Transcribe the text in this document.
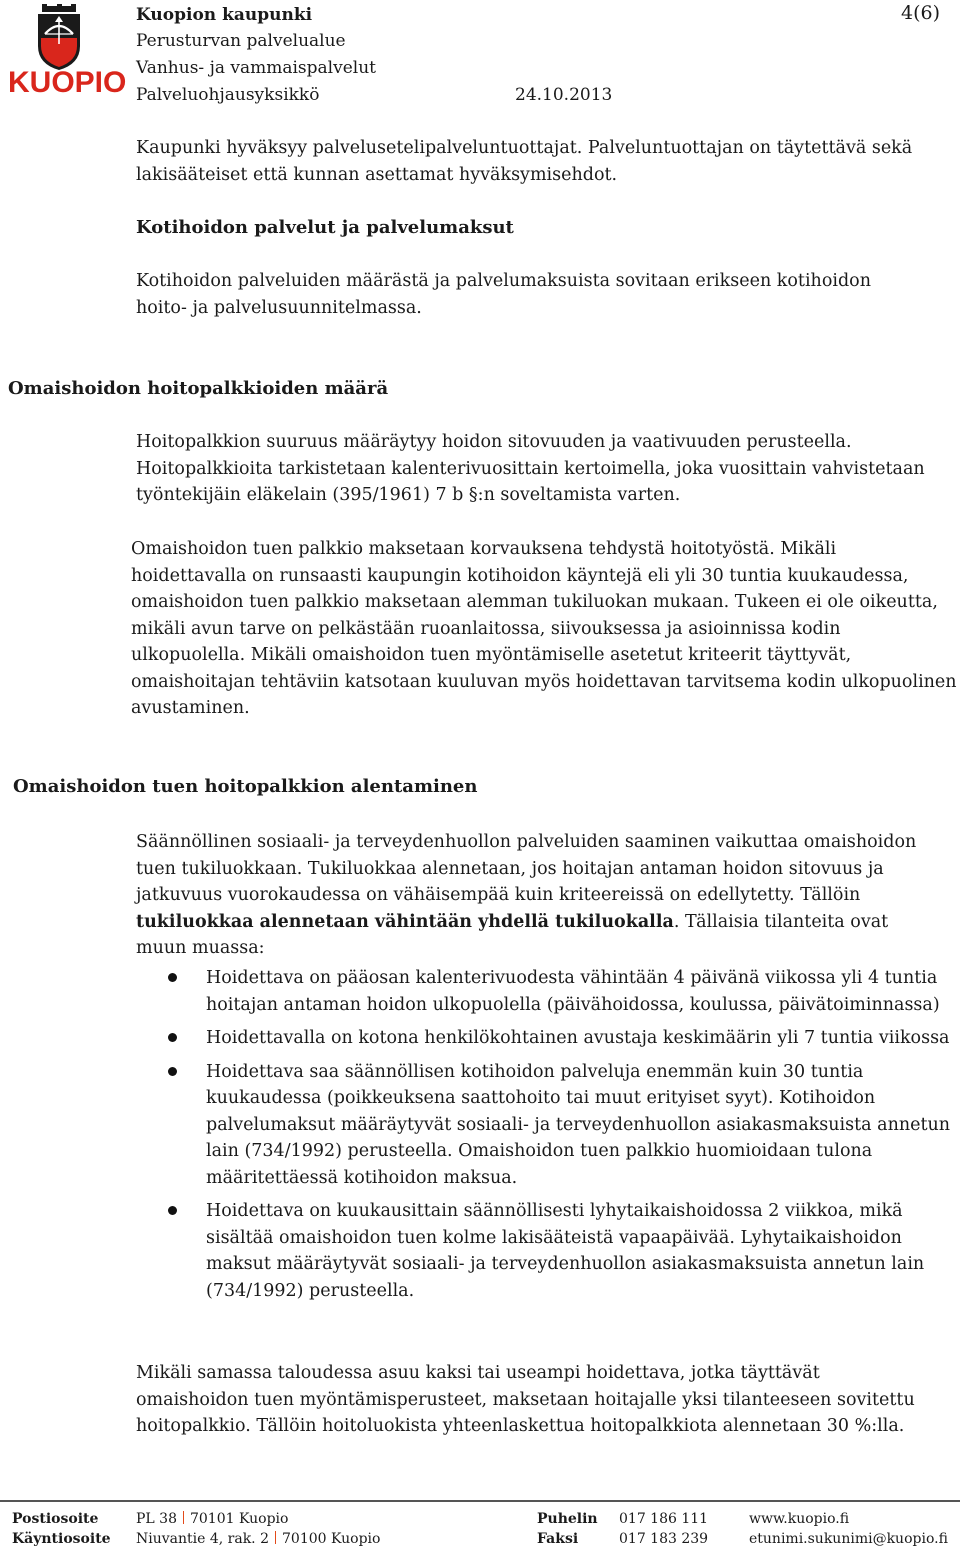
KUOPIO
Kuopion kaupunki
Perusturvan palvelualue
Vanhus- ja vammaispalvelut
Palveluohjausyksikkö	24.10.2013
4(6)

Kaupunki hyväksyy palvelusetelipalveluntuottajat. Palveluntuottajan on täytettävä sekä lakisääteiset että kunnan asettamat hyväksymisehdot.

Kotihoidon palvelut ja palvelumaksut

Kotihoidon palveluiden määrästä ja palvelumaksuista sovitaan erikseen kotihoidon hoito- ja palvelusuunnitelmassa.

Omaishoidon hoitopalkkioiden määrä

Hoitopalkkion suuruus määräytyy hoidon sitovuuden ja vaativuuden perusteella. Hoitopalkkioita tarkistetaan kalenterivuosittain kertoimella, joka vuosittain vahvistetaan työntekijäin eläkelain (395/1961) 7 b §:n soveltamista varten.

Omaishoidon tuen palkkio maksetaan korvauksena tehdystä hoitotyöstä. Mikäli hoidettavalla on runsaasti kaupungin kotihoidon käyntejä eli yli 30 tuntia kuukaudessa, omaishoidon tuen palkkio maksetaan alemman tukiluokan mukaan. Tukeen ei ole oikeutta, mikäli avun tarve on pelkästään ruoanlaitossa, siivouksessa ja asioinnissa kodin ulkopuolella. Mikäli omaishoidon tuen myöntämiselle asetetut kriteerit täyttyvät, omaishoitajan tehtäviin katsotaan kuuluvan myös hoidettavan tarvitsema kodin ulkopuolinen avustaminen.

Omaishoidon tuen hoitopalkkion alentaminen

Säännöllinen sosiaali- ja terveydenhuollon palveluiden saaminen vaikuttaa omaishoidon tuen tukiluokkaan. Tukiluokkaa alennetaan, jos hoitajan antaman hoidon sitovuus ja jatkuvuus vuorokaudessa on vähäisempää kuin kriteereissä on edellytetty. Tällöin tukiluokkaa alennetaan vähintään yhdellä tukiluokalla. Tällaisia tilanteita ovat muun muassa:

Hoidettava on pääosan kalenterivuodesta vähintään 4 päivänä viikossa yli 4 tuntia hoitajan antaman hoidon ulkopuolella (päivähoidossa, koulussa, päivätoiminnassa)
Hoidettavalla on kotona henkilökohtainen avustaja keskimäärin yli 7 tuntia viikossa
Hoidettava saa säännöllisen kotihoidon palveluja enemmän kuin 30 tuntia kuukaudessa (poikkeuksena saattohoito tai muut erityiset syyt). Kotihoidon palvelumaksut määräytyvät sosiaali- ja terveydenhuollon asiakasmaksuista annetun lain (734/1992) perusteella. Omaishoidon tuen palkkio huomioidaan tulona määritettäessä kotihoidon maksua.
Hoidettava on kuukausittain säännöllisesti lyhytaikaishoidossa 2 viikkoa, mikä sisältää omaishoidon tuen kolme lakisääteistä vapaapäivää. Lyhytaikaishoidon maksut määräytyvät sosiaali- ja terveydenhuollon asiakasmaksuista annetun lain (734/1992) perusteella.

Mikäli samassa taloudessa asuu kaksi tai useampi hoidettava, jotka täyttävät omaishoidon tuen myöntämisperusteet, maksetaan hoitajalle yksi tilanteeseen sovitettu hoitopalkkio. Tällöin hoitoluokista yhteenlaskettua hoitopalkkiota alennetaan 30 %:lla.

Postiosoite	PL 38 70101 Kuopio	Puhelin 017 186 111	www.kuopio.fi
Käyntiosoite Niuvantie 4, rak. 2 70100 Kuopio	Faksi	017 183 239	etunimi.sukunimi@kuopio.fi
